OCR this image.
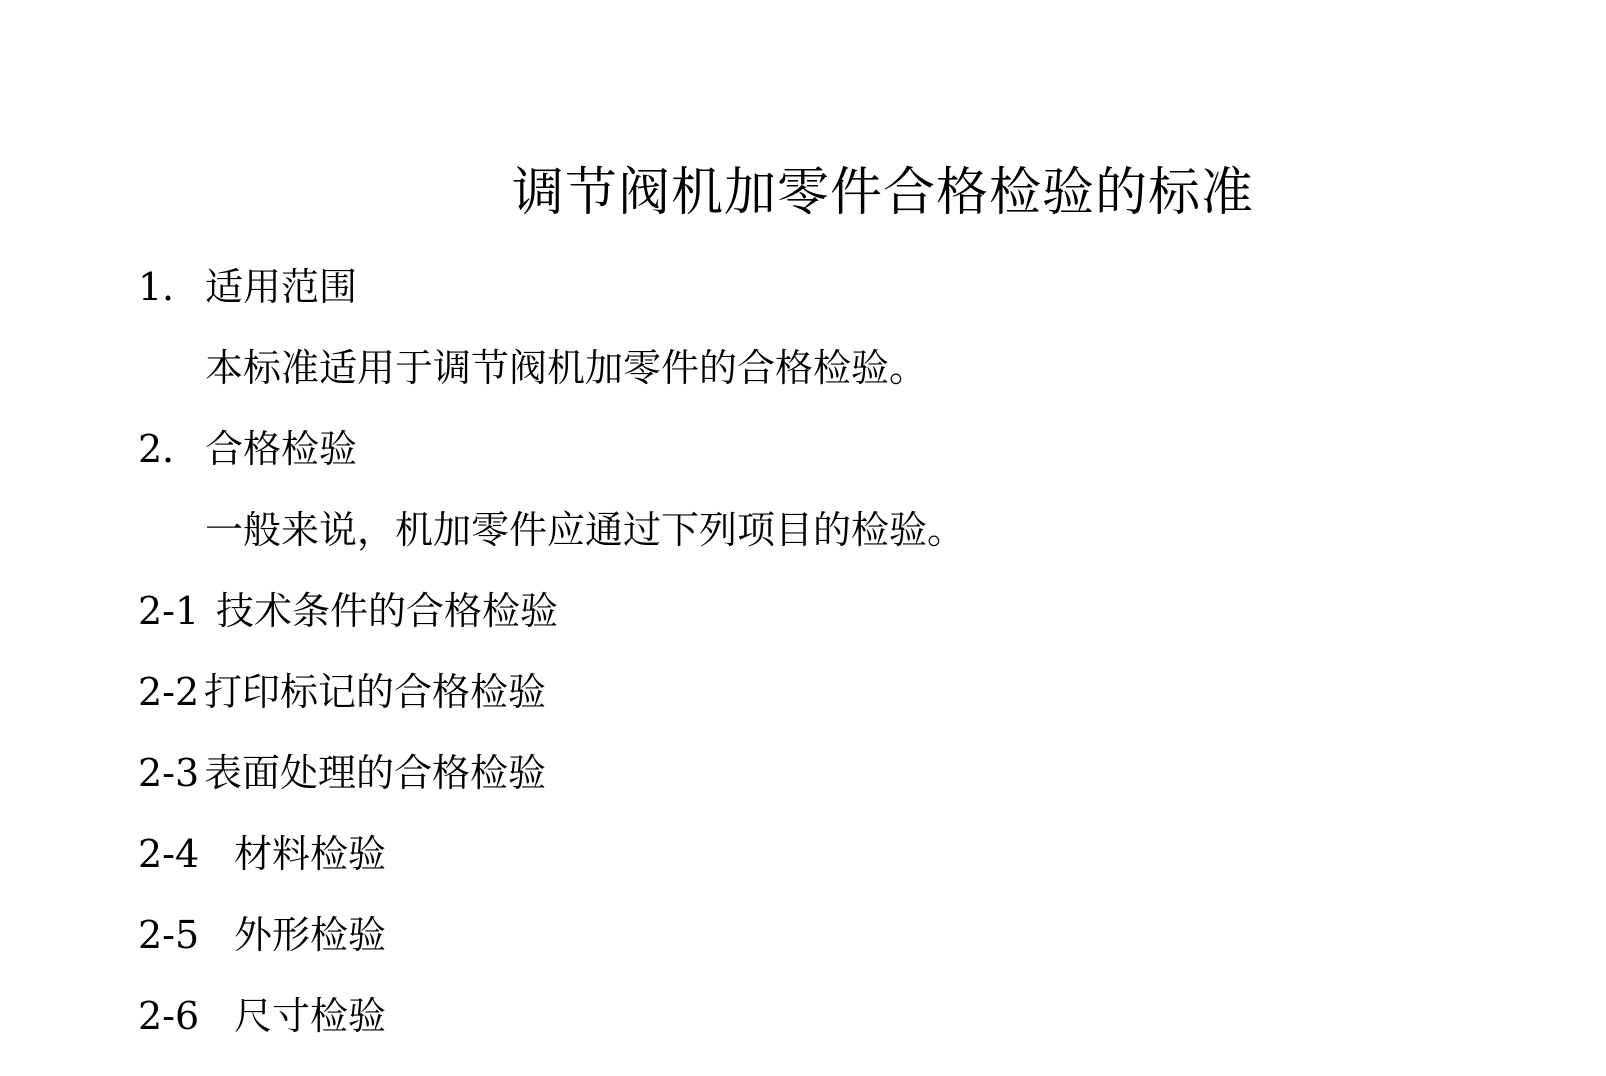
调节阀机加零件合格检验的标准
1． 适用范围
本标准适用于调节阀机加零件的合格检验。
2． 合格检验
一般来说，机加零件应通过下列项目的检验。
2-1 技术条件的合格检验
2-2 打印标记的合格检验
2-3 表面处理的合格检验
2-4 材料检验
2-5 外形检验
2-6 尺寸检验
